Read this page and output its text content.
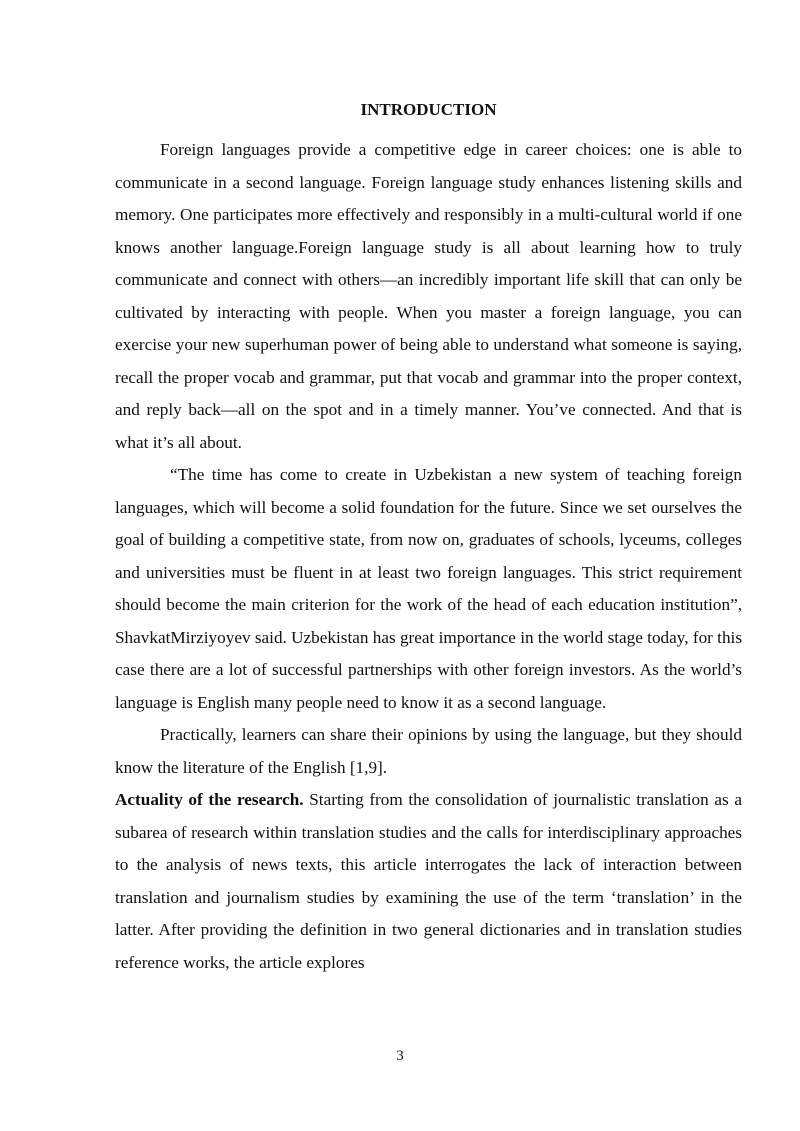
INTRODUCTION

Foreign languages provide a competitive edge in career choices: one is able to communicate in a second language. Foreign language study enhances listening skills and memory. One participates more effectively and responsibly in a multi-cultural world if one knows another language.Foreign language study is all about learning how to truly communicate and connect with others—an incredibly important life skill that can only be cultivated by interacting with people. When you master a foreign language, you can exercise your new superhuman power of being able to understand what someone is saying, recall the proper vocab and grammar, put that vocab and grammar into the proper context, and reply back—all on the spot and in a timely manner. You’ve connected. And that is what it’s all about.

“The time has come to create in Uzbekistan a new system of teaching foreign languages, which will become a solid foundation for the future. Since we set ourselves the goal of building a competitive state, from now on, graduates of schools, lyceums, colleges and universities must be fluent in at least two foreign languages. This strict requirement should become the main criterion for the work of the head of each education institution”, ShavkatMirziyoyev said. Uzbekistan has great importance in the world stage today, for this case there are a lot of successful partnerships with other foreign investors. As the world’s language is English many people need to know it as a second language.

Practically, learners can share their opinions by using the language, but they should know the literature of the English [1,9].

Actuality of the research. Starting from the consolidation of journalistic translation as a subarea of research within translation studies and the calls for interdisciplinary approaches to the analysis of news texts, this article interrogates the lack of interaction between translation and journalism studies by examining the use of the term ‘translation’ in the latter. After providing the definition in two general dictionaries and in translation studies reference works, the article explores

3
